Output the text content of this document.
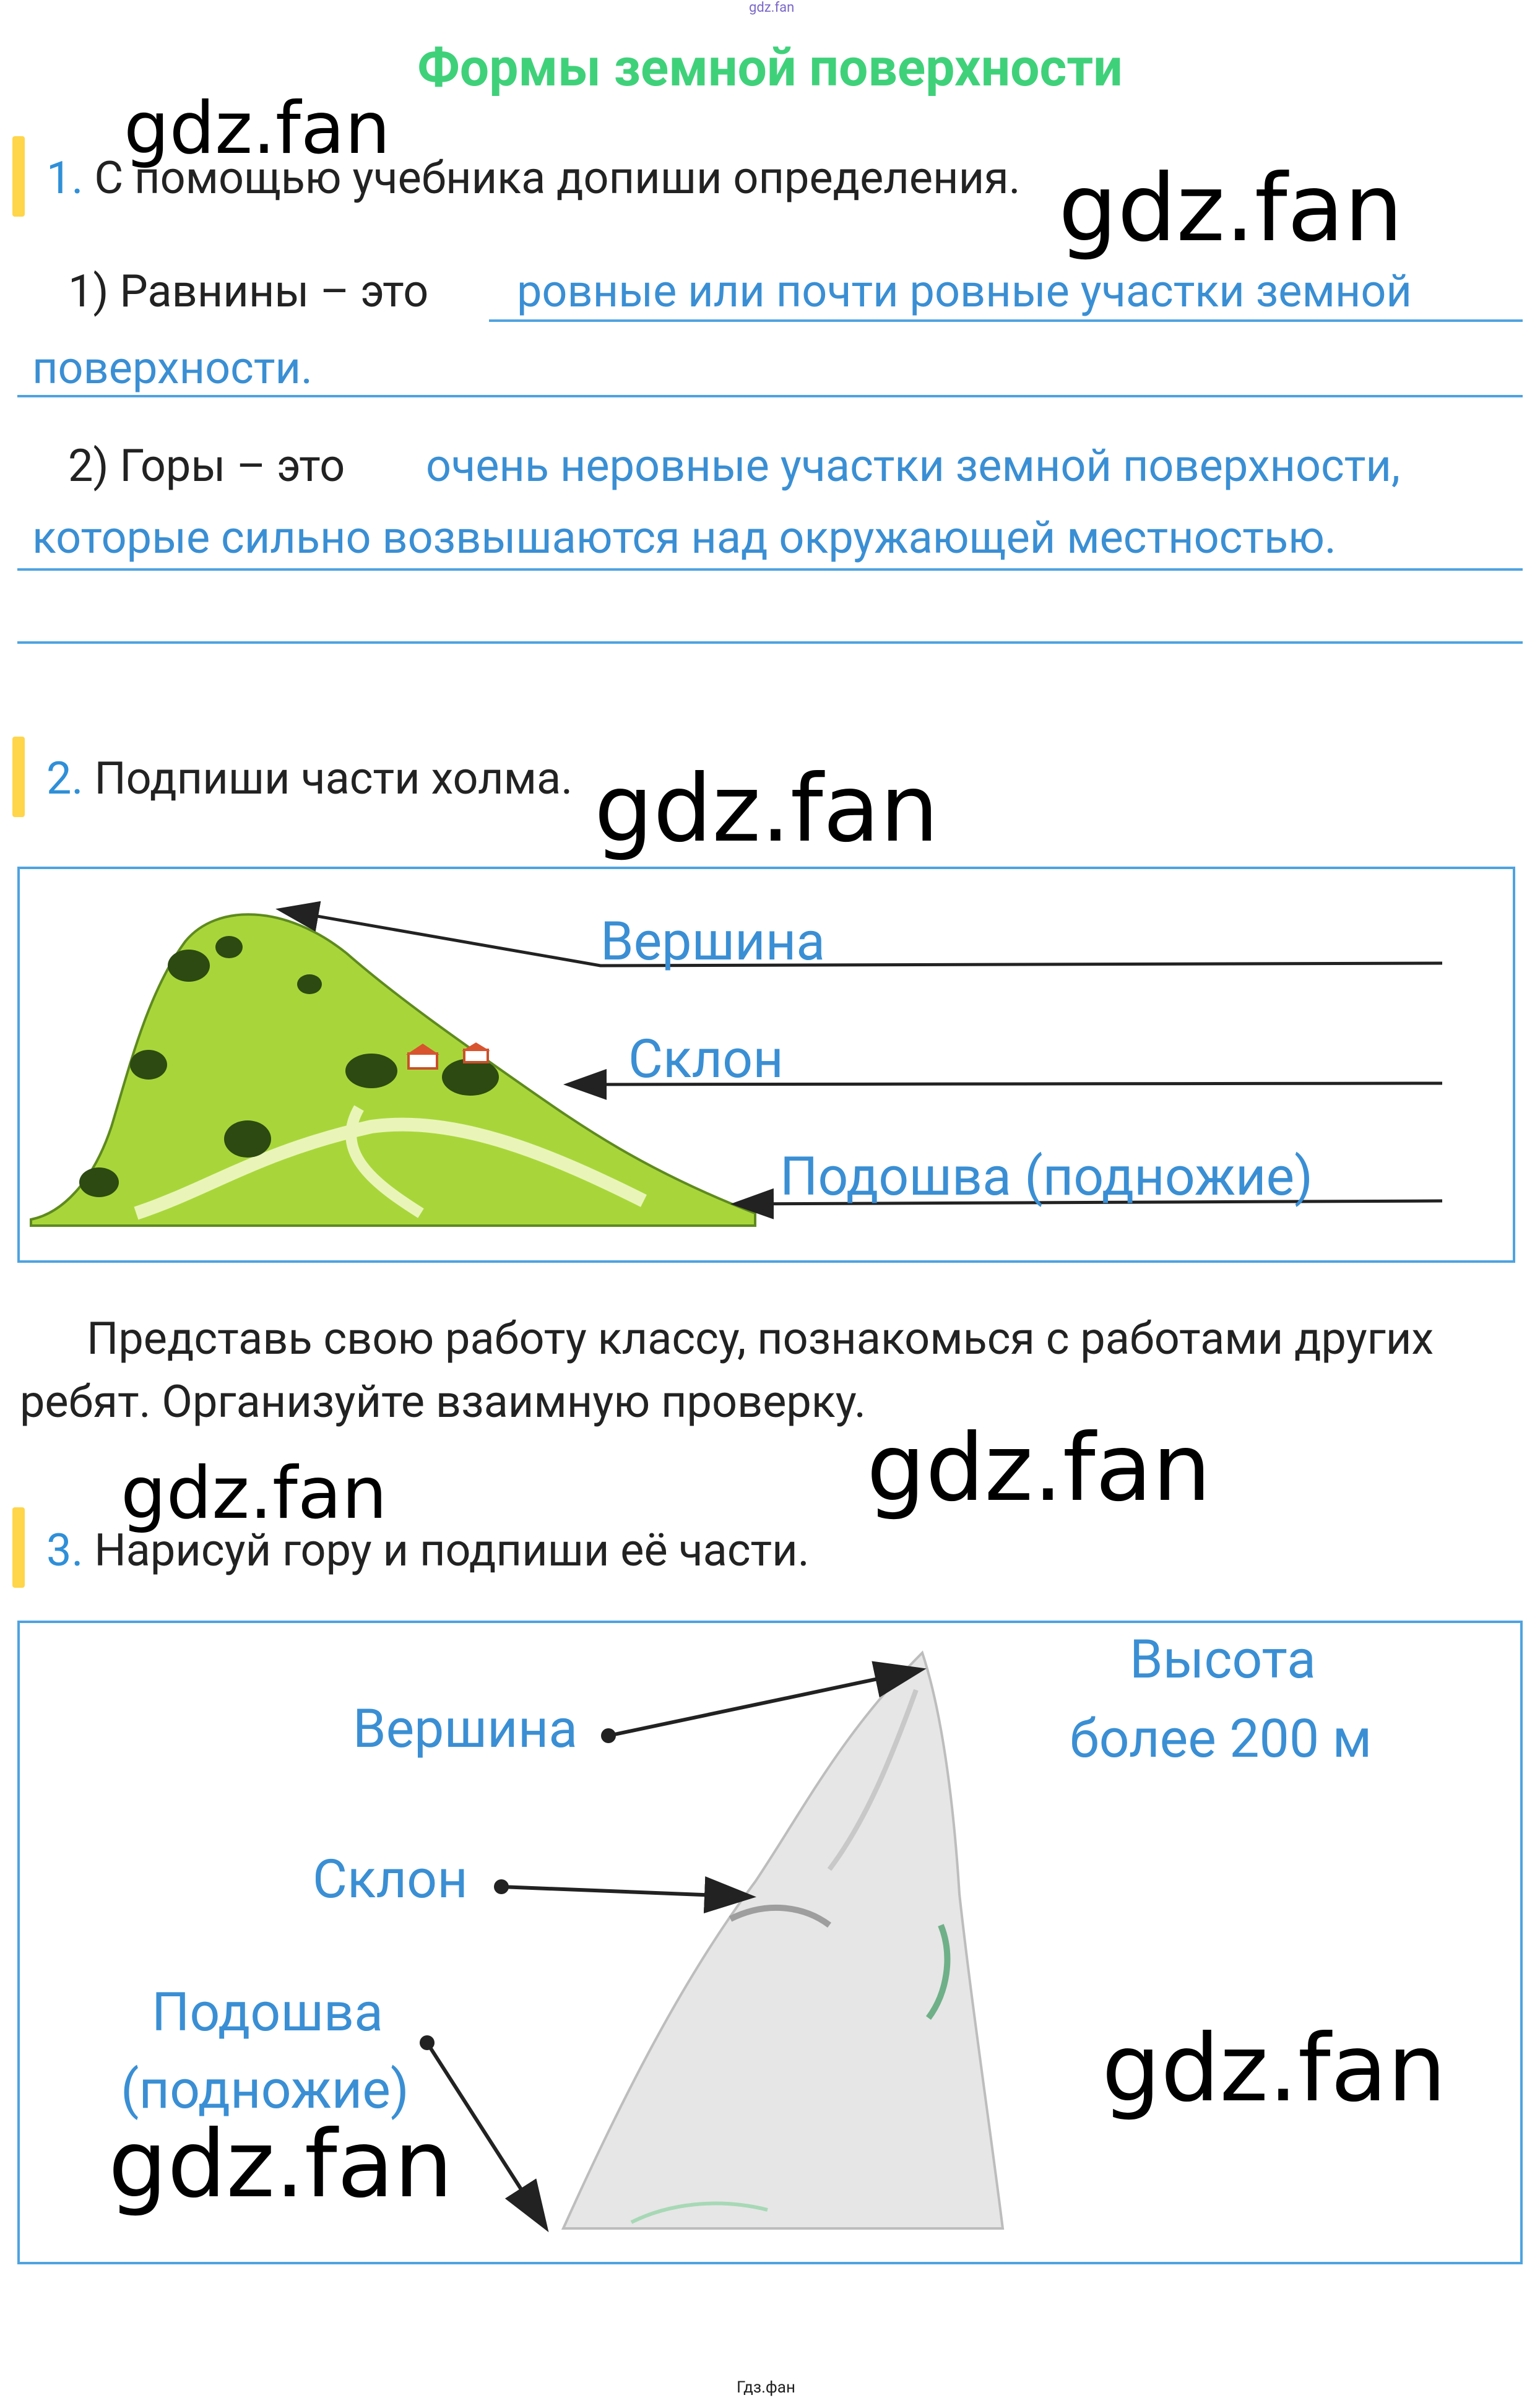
gdz.fan
Формы земной поверхности
1. С помощью учебника допиши определения.
1) Равнины – это ровные или почти ровные участки земной
поверхности.
2) Горы – это очень неровные участки земной поверхности,
которые сильно возвышаются над окружающей местностью.
2. Подпиши части холма.
Вершина
Склон
Подошва (подножие)
Представь свою работу классу, познакомься с работами других
ребят. Организуйте взаимную проверку.
3. Нарисуй гору и подпиши её части.
Вершина
Склон
Подошва
(подножие)
Высота
более 200 м
gdz.fan
gdz.fan
gdz.fan
gdz.fan	gdz.fan
gdz.fan
gdz.fan
Гдз.фан
